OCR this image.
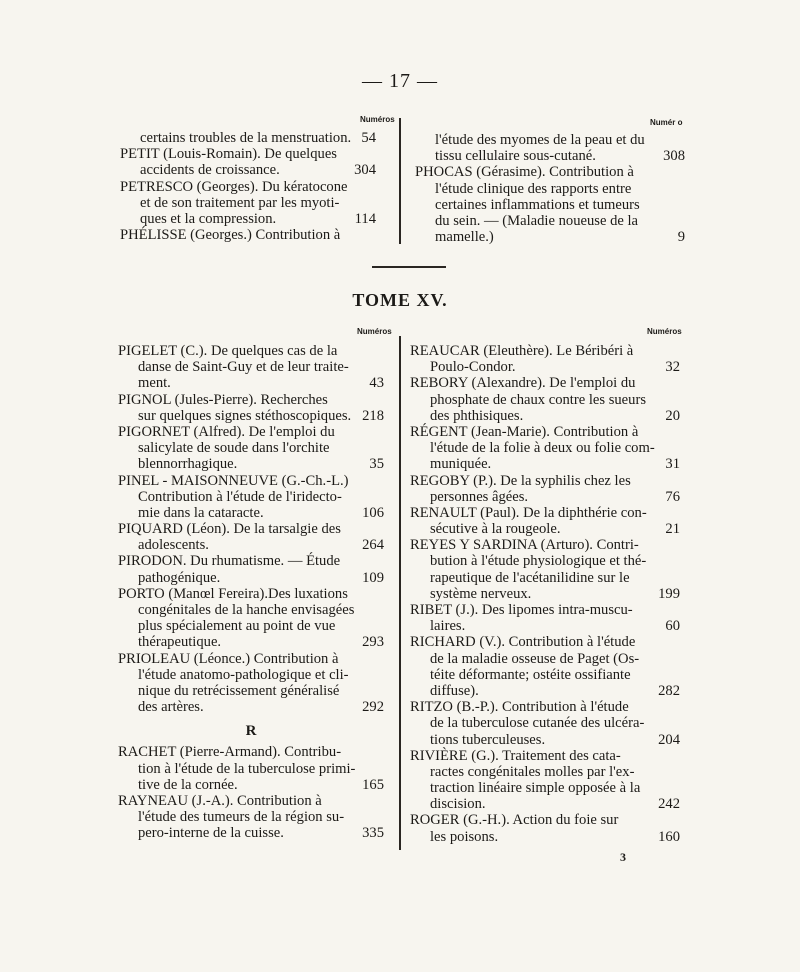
— 17 —
Numéros	Numér o
certains troubles de la menstruation. 54
PETIT (Louis-Romain). De quelques
accidents de croissance.	304
PETRESCO (Georges). Du kératocone
et de son traitement par les myoti-
ques et la compression.	114
PHÉLISSE (Georges.) Contribution à
l'étude des myomes de la peau et du
tissu cellulaire sous-cutané.	308
PHOCAS (Gérasime). Contribution à
l'étude clinique des rapports entre
certaines inflammations et tumeurs
du sein. — (Maladie noueuse de la
mamelle.)	9
TOME XV.
Numéros	Numéros
PIGELET (C.). De quelques cas de la
danse de Saint-Guy et de leur traite-
ment.	43
PIGNOL (Jules-Pierre). Recherches
sur quelques signes stéthoscopiques. 218
PIGORNET (Alfred). De l'emploi du
salicylate de soude dans l'orchite
blennorrhagique.	35
PINEL - MAISONNEUVE (G.-Ch.-L.)
Contribution à l'étude de l'iridecto-
mie dans la cataracte.	106
PIQUARD (Léon). De la tarsalgie des
adolescents.	264
PIRODON. Du rhumatisme. — Étude
pathogénique.	109
PORTO (Manœl Fereira).Des luxations
congénitales de la hanche envisagées
plus spécialement au point de vue
thérapeutique.	293
PRIOLEAU (Léonce.) Contribution à
l'étude anatomo-pathologique et cli-
nique du retrécissement généralisé
des artères.	292
R
RACHET (Pierre-Armand). Contribu-
tion à l'étude de la tuberculose primi-
tive de la cornée.	165
RAYNEAU (J.-A.). Contribution à
l'étude des tumeurs de la région su-
pero-interne de la cuisse.	335
REAUCAR (Eleuthère). Le Béribéri à
Poulo-Condor.	32
REBORY (Alexandre). De l'emploi du
phosphate de chaux contre les sueurs
des phthisiques.	20
RÉGENT (Jean-Marie). Contribution à
l'étude de la folie à deux ou folie com-
muniquée.	31
REGOBY (P.). De la syphilis chez les
personnes âgées.	76
RENAULT (Paul). De la diphthérie con-
sécutive à la rougeole.	21
REYES Y SARDINA (Arturo). Contri-
bution à l'étude physiologique et thé-
rapeutique de l'acétanilidine sur le
système nerveux.	199
RIBET (J.). Des lipomes intra-muscu-
laires.	60
RICHARD (V.). Contribution à l'étude
de la maladie osseuse de Paget (Os-
téite déformante; ostéite ossifiante
diffuse).	282
RITZO (B.-P.). Contribution à l'étude
de la tuberculose cutanée des ulcéra-
tions tuberculeuses.	204
RIVIÈRE (G.). Traitement des cata-
ractes congénitales molles par l'ex-
traction linéaire simple opposée à la
discision.	242
ROGER (G.-H.). Action du foie sur
les poisons.	160
3
